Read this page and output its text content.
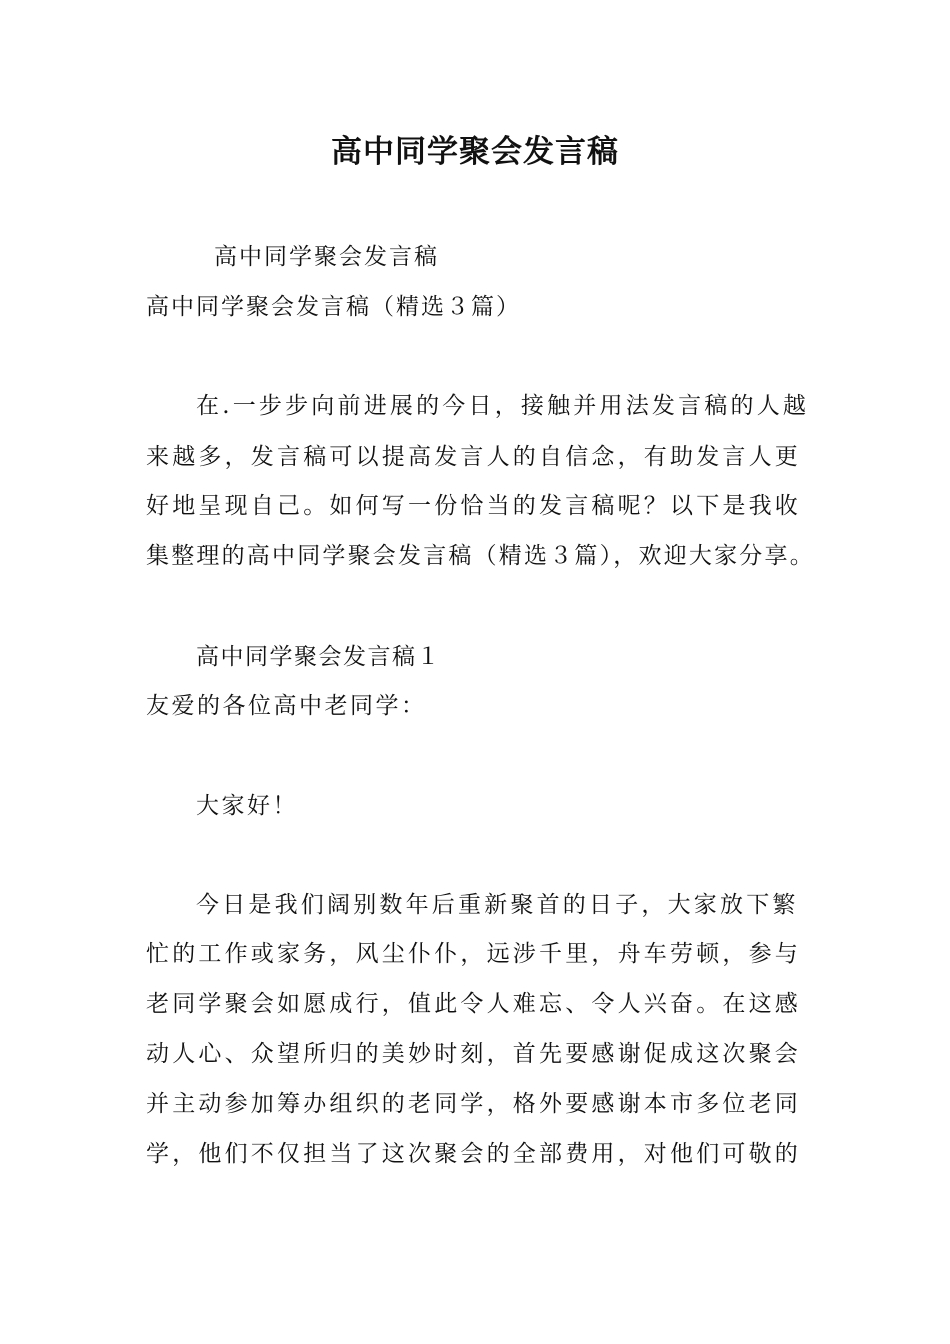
高中同学聚会发言稿
高中同学聚会发言稿
高中同学聚会发言稿（精选３篇）
在.一步步向前进展的今日，接触并用法发言稿的人越
来越多，发言稿可以提高发言人的自信念，有助发言人更
好地呈现自己。如何写一份恰当的发言稿呢？以下是我收
集整理的高中同学聚会发言稿（精选３篇），欢迎大家分享。
高中同学聚会发言稿１
友爱的各位高中老同学：
大家好！
今日是我们阔别数年后重新聚首的日子，大家放下繁
忙的工作或家务，风尘仆仆，远涉千里，舟车劳顿，参与
老同学聚会如愿成行，值此令人难忘、令人兴奋。在这感
动人心、众望所归的美妙时刻，首先要感谢促成这次聚会
并主动参加筹办组织的老同学，格外要感谢本市多位老同
学，他们不仅担当了这次聚会的全部费用，对他们可敬的
